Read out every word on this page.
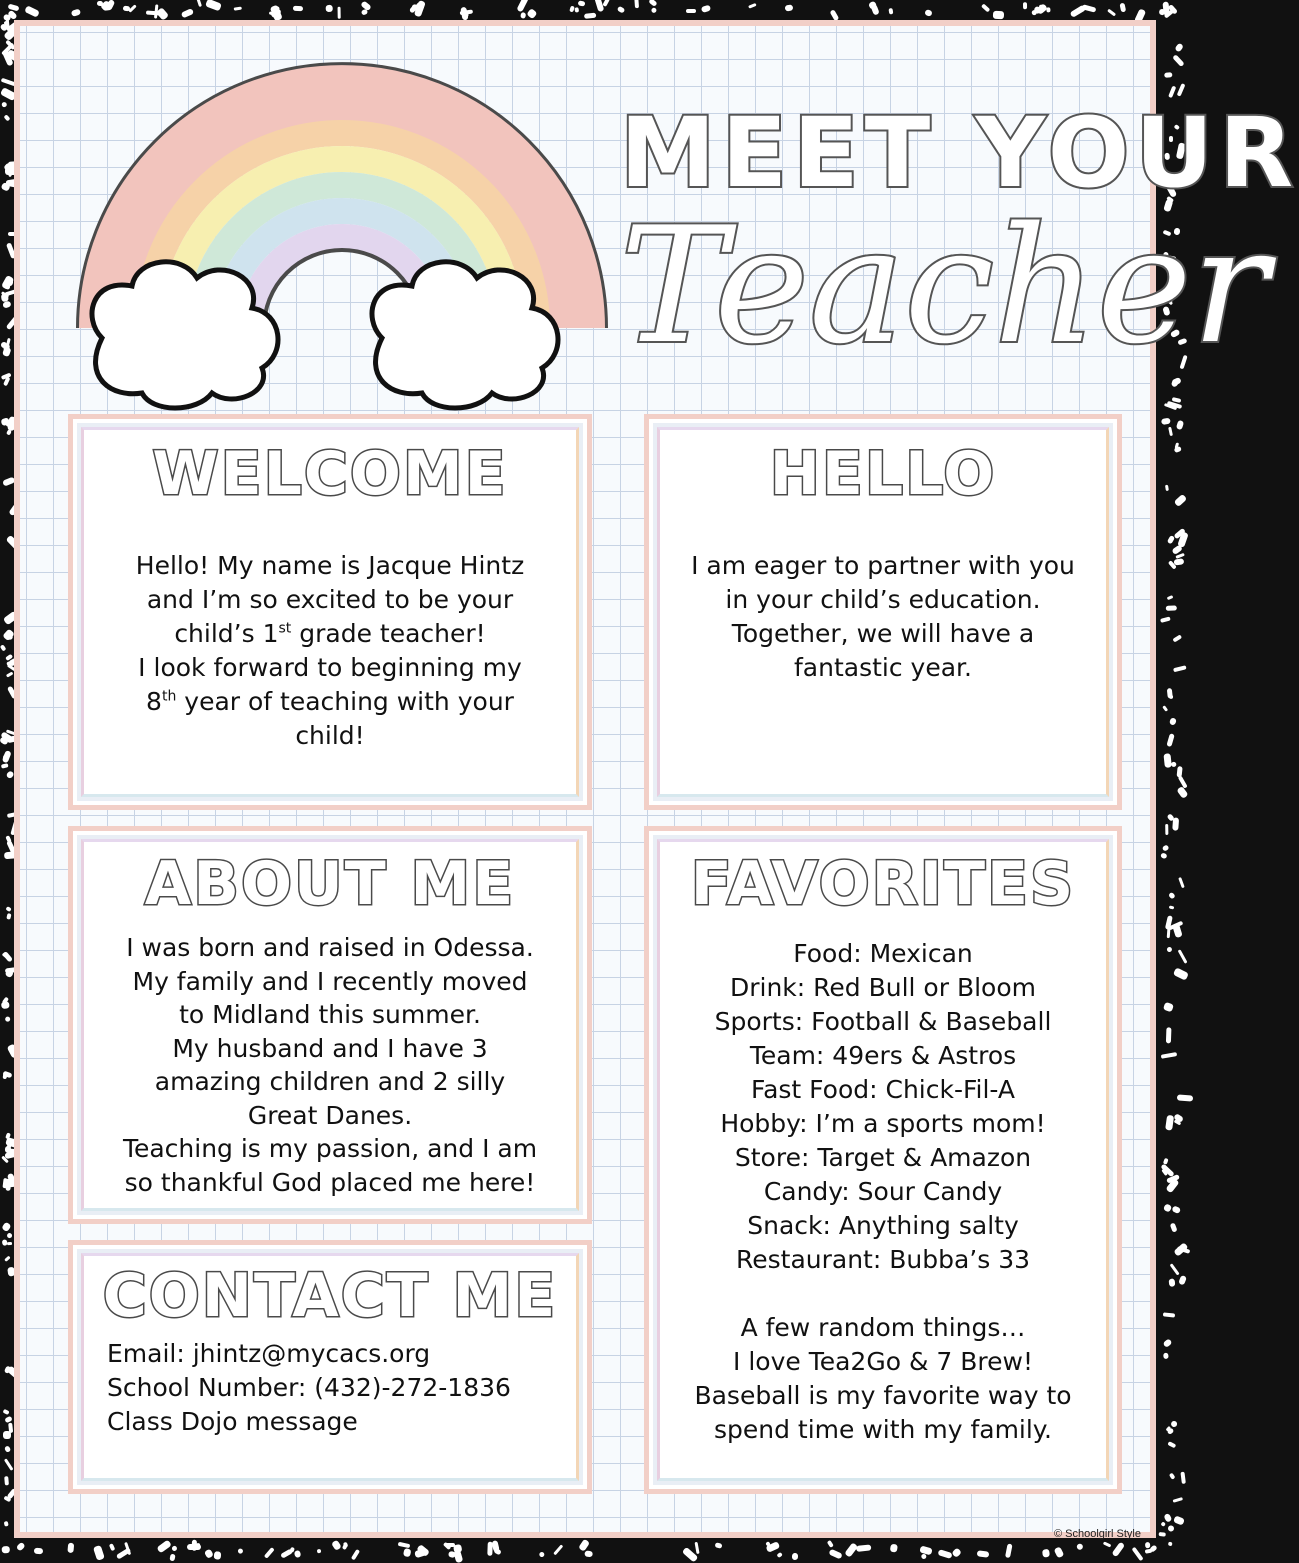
MEET YOUR
Teacher
WELCOME

Hello! My name is Jacque Hintz

and I’m so excited to be your

child’s 1st grade teacher!

I look forward to beginning my

8th year of teaching with your

child!

HELLO

I am eager to partner with you

in your child’s education.

Together, we will have a

fantastic year.

ABOUT ME

I was born and raised in Odessa.

My family and I recently moved

to Midland this summer.

My husband and I have 3

amazing children and 2 silly

Great Danes.

Teaching is my passion, and I am

so thankful God placed me here!

CONTACT ME

Email: jhintz@mycacs.org

School Number: (432)-272-1836

Class Dojo message

FAVORITES

Food: Mexican

Drink: Red Bull or Bloom

Sports: Football & Baseball

Team: 49ers & Astros

Fast Food: Chick-Fil-A

Hobby: I’m a sports mom!

Store: Target & Amazon

Candy: Sour Candy

Snack: Anything salty

Restaurant: Bubba’s 33

A few random things…

I love Tea2Go & 7 Brew!

Baseball is my favorite way to

spend time with my family.

© Schoolgirl Style
